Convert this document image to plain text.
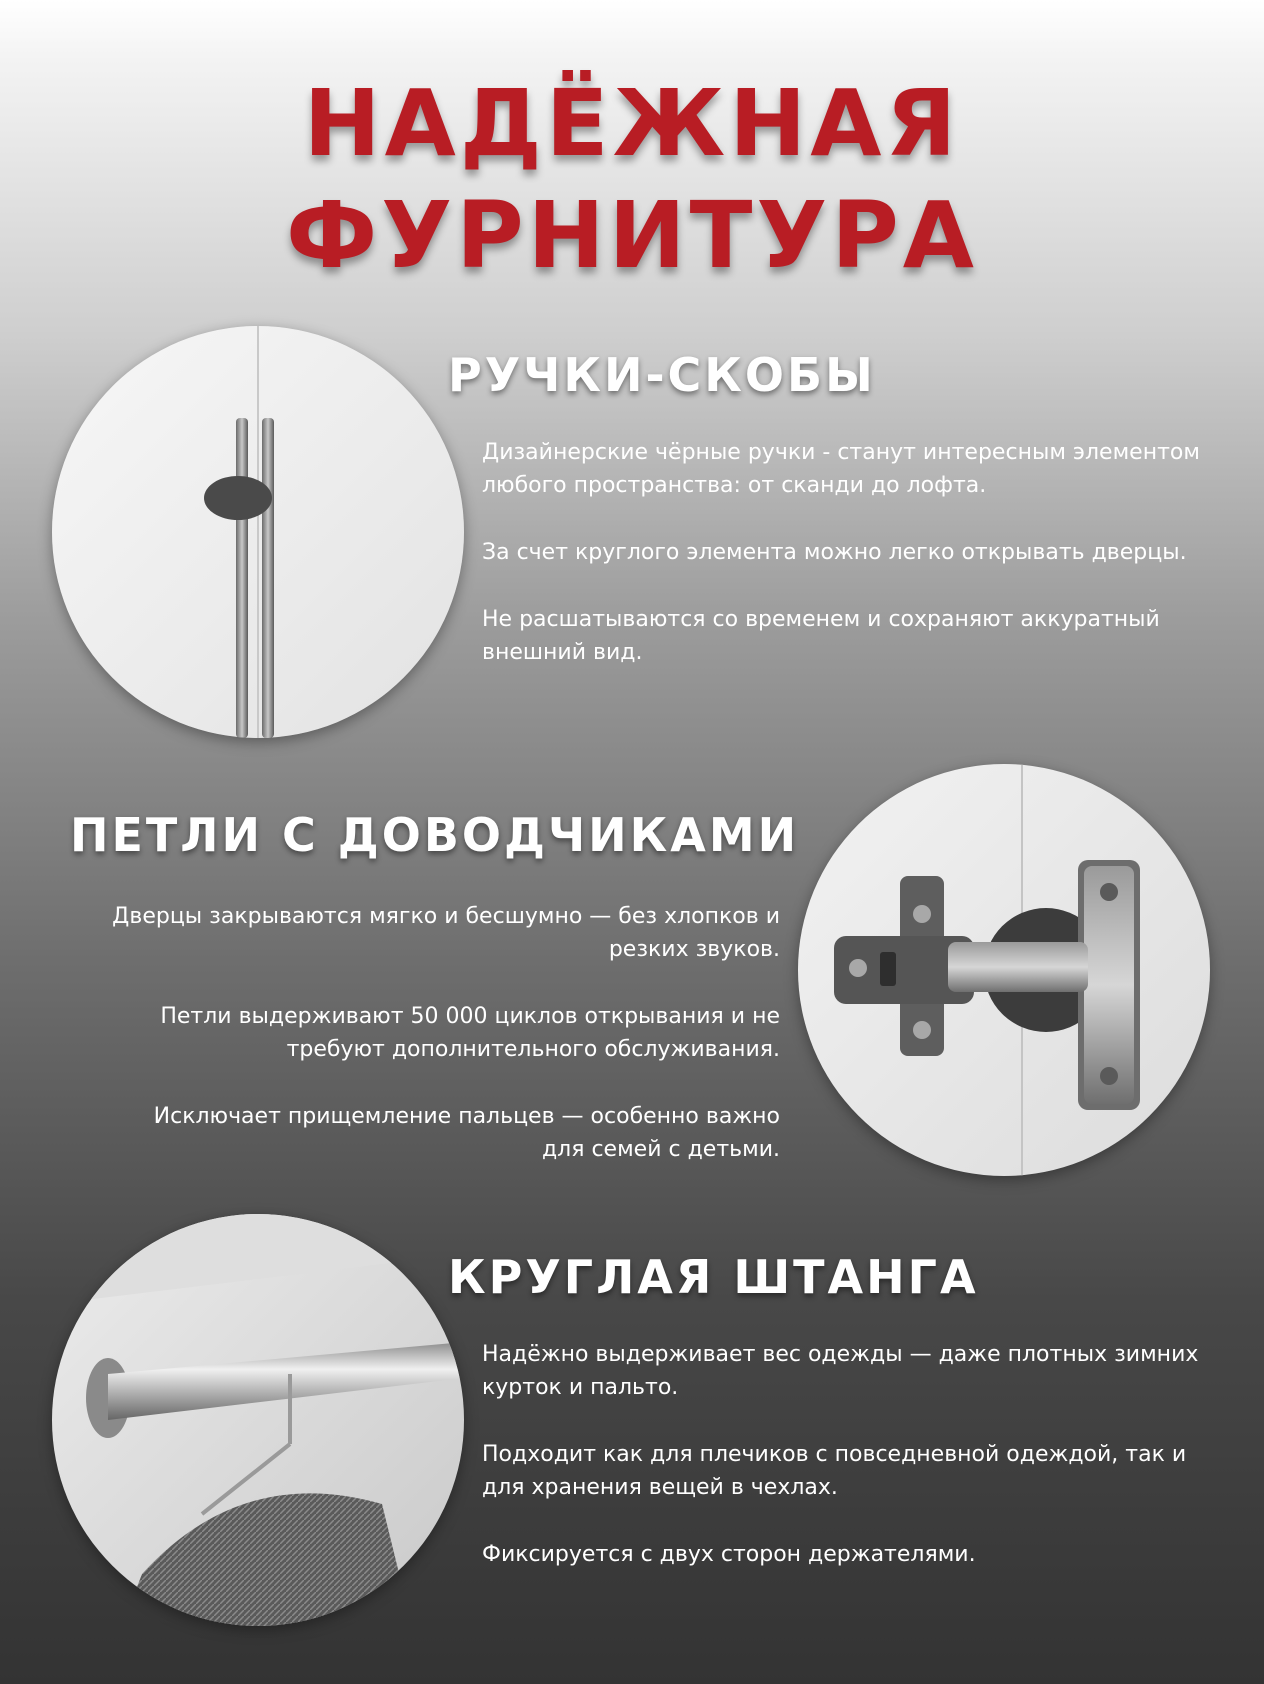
НАДЁЖНАЯ
ФУРНИТУРА
РУЧКИ-СКОБЫ

Дизайнерские чёрные ручки - станут интересным элементом любого пространства: от сканди до лофта.

За счет круглого элемента можно легко открывать дверцы.

Не расшатываются со временем и сохраняют аккуратный внешний вид.

ПЕТЛИ С ДОВОДЧИКАМИ

Дверцы закрываются мягко и бесшумно — без хлопков и резких звуков.

Петли выдерживают 50 000 циклов открывания и не требуют дополнительного обслуживания.

Исключает прищемление пальцев — особенно важно для семей с детьми.

КРУГЛАЯ ШТАНГА

Надёжно выдерживает вес одежды — даже плотных зимних курток и пальто.

Подходит как для плечиков с повседневной одеждой, так и для хранения вещей в чехлах.

Фиксируется с двух сторон держателями.
